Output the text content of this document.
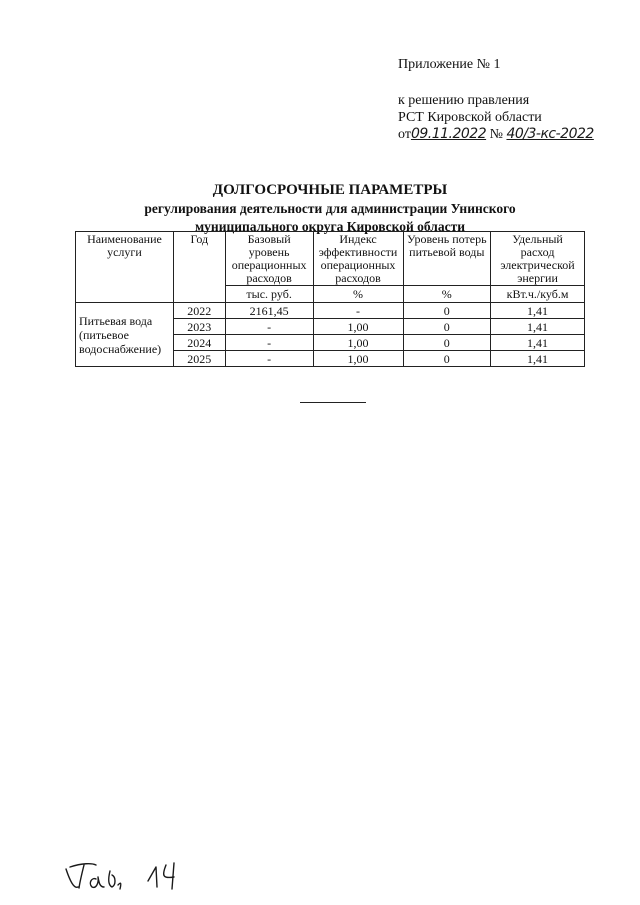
Приложение № 1
к решению правления
РСТ Кировской области
от09.11.2022 № 40/3-кс-2022
ДОЛГОСРОЧНЫЕ ПАРАМЕТРЫ
регулирования деятельности для администрации Унинского
муниципального округа Кировской области
Наименование услуги	Год	Базовый уровень операционных расходов	Индекс эффективности операционных расходов	Уровень потерь питьевой воды	Удельный расход электрической энергии
		тыс. руб.	%	%	кВт.ч./куб.м
Питьевая вода (питьевое водоснабжение)	2022	2161,45	-	0	1,41
	2023	-	1,00	0	1,41
	2024	-	1,00	0	1,41
	2025	-	1,00	0	1,41
